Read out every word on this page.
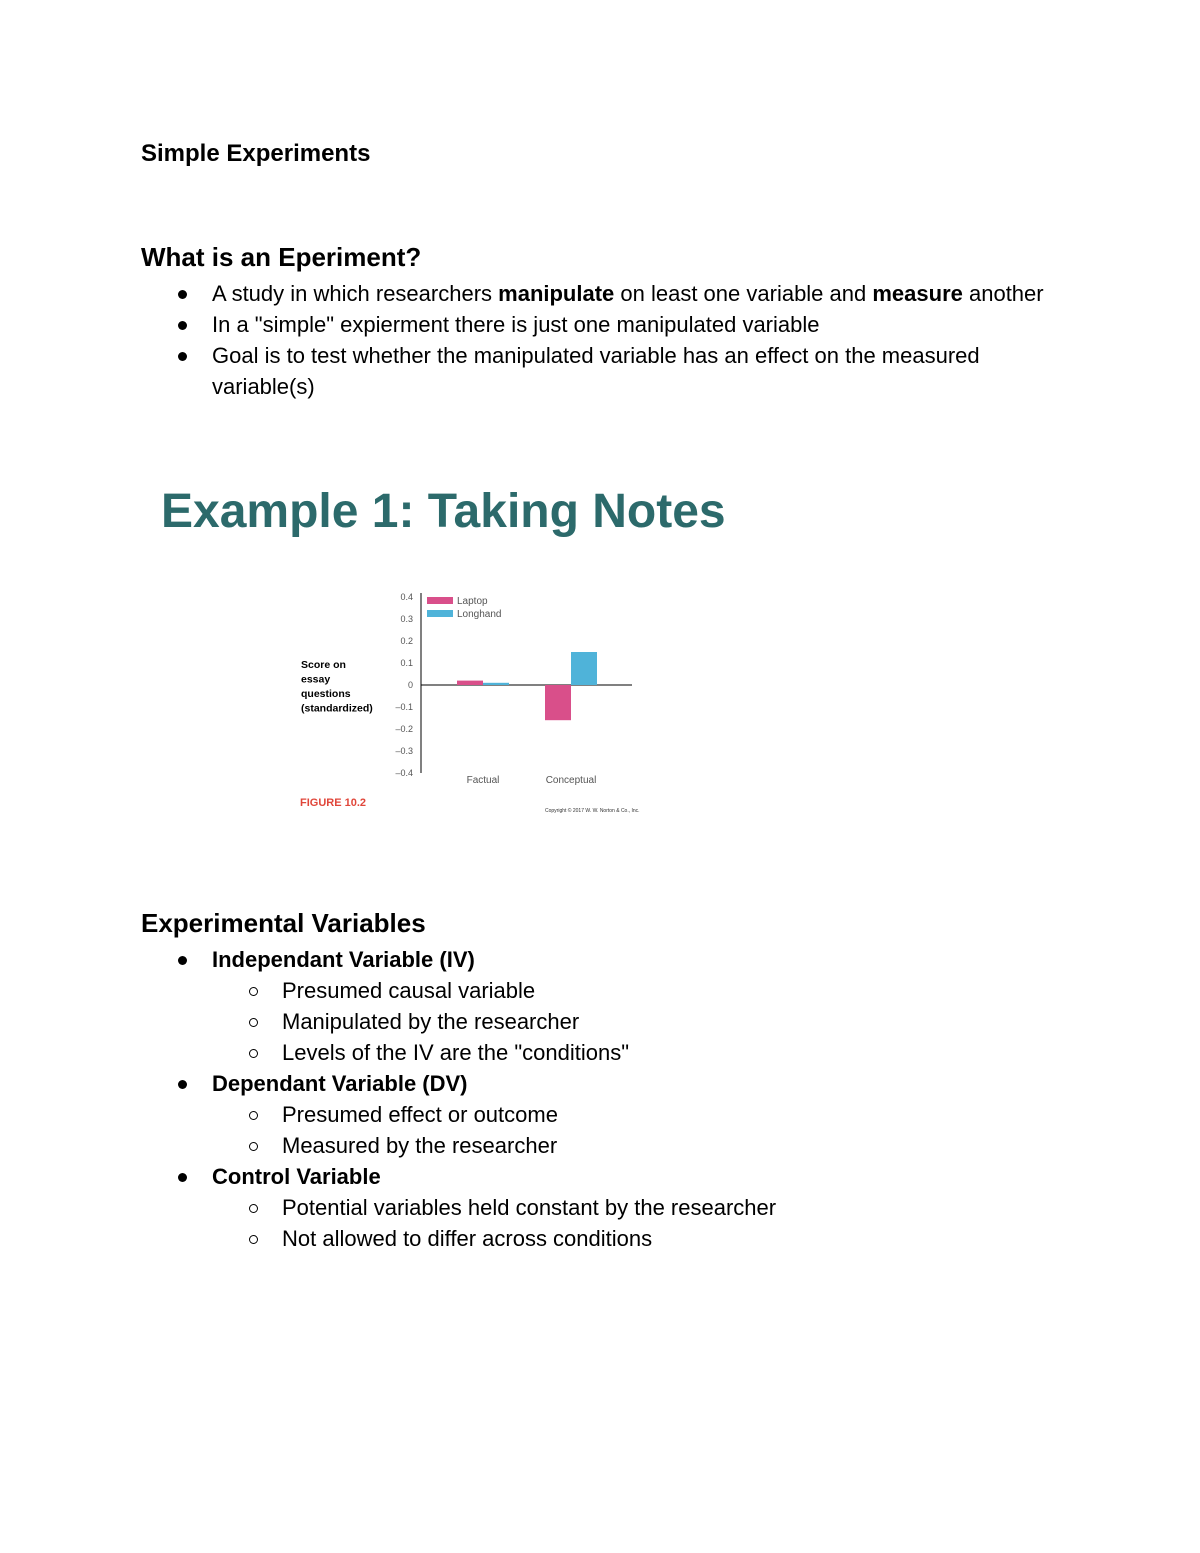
Simple Experiments
What is an Eperiment?
A study in which researchers manipulate on least one variable and measure another
In a "simple" expierment there is just one manipulated variable
Goal is to test whether the manipulated variable has an effect on the measured variable(s)
Example 1: Taking Notes
Score on
essay
questions
(standardized)
0.4
0.3
0.2
0.1
0
–0.1
–0.2
–0.3
–0.4
Factual	Conceptual
Laptop
Longhand
FIGURE 10.2
Copyright © 2017 W. W. Norton & Co., Inc.
Experimental Variables
Independant Variable (IV)
Presumed causal variable
Manipulated by the researcher
Levels of the IV are the "conditions"
Dependant Variable (DV)
Presumed effect or outcome
Measured by the researcher
Control Variable
Potential variables held constant by the researcher
Not allowed to differ across conditions
